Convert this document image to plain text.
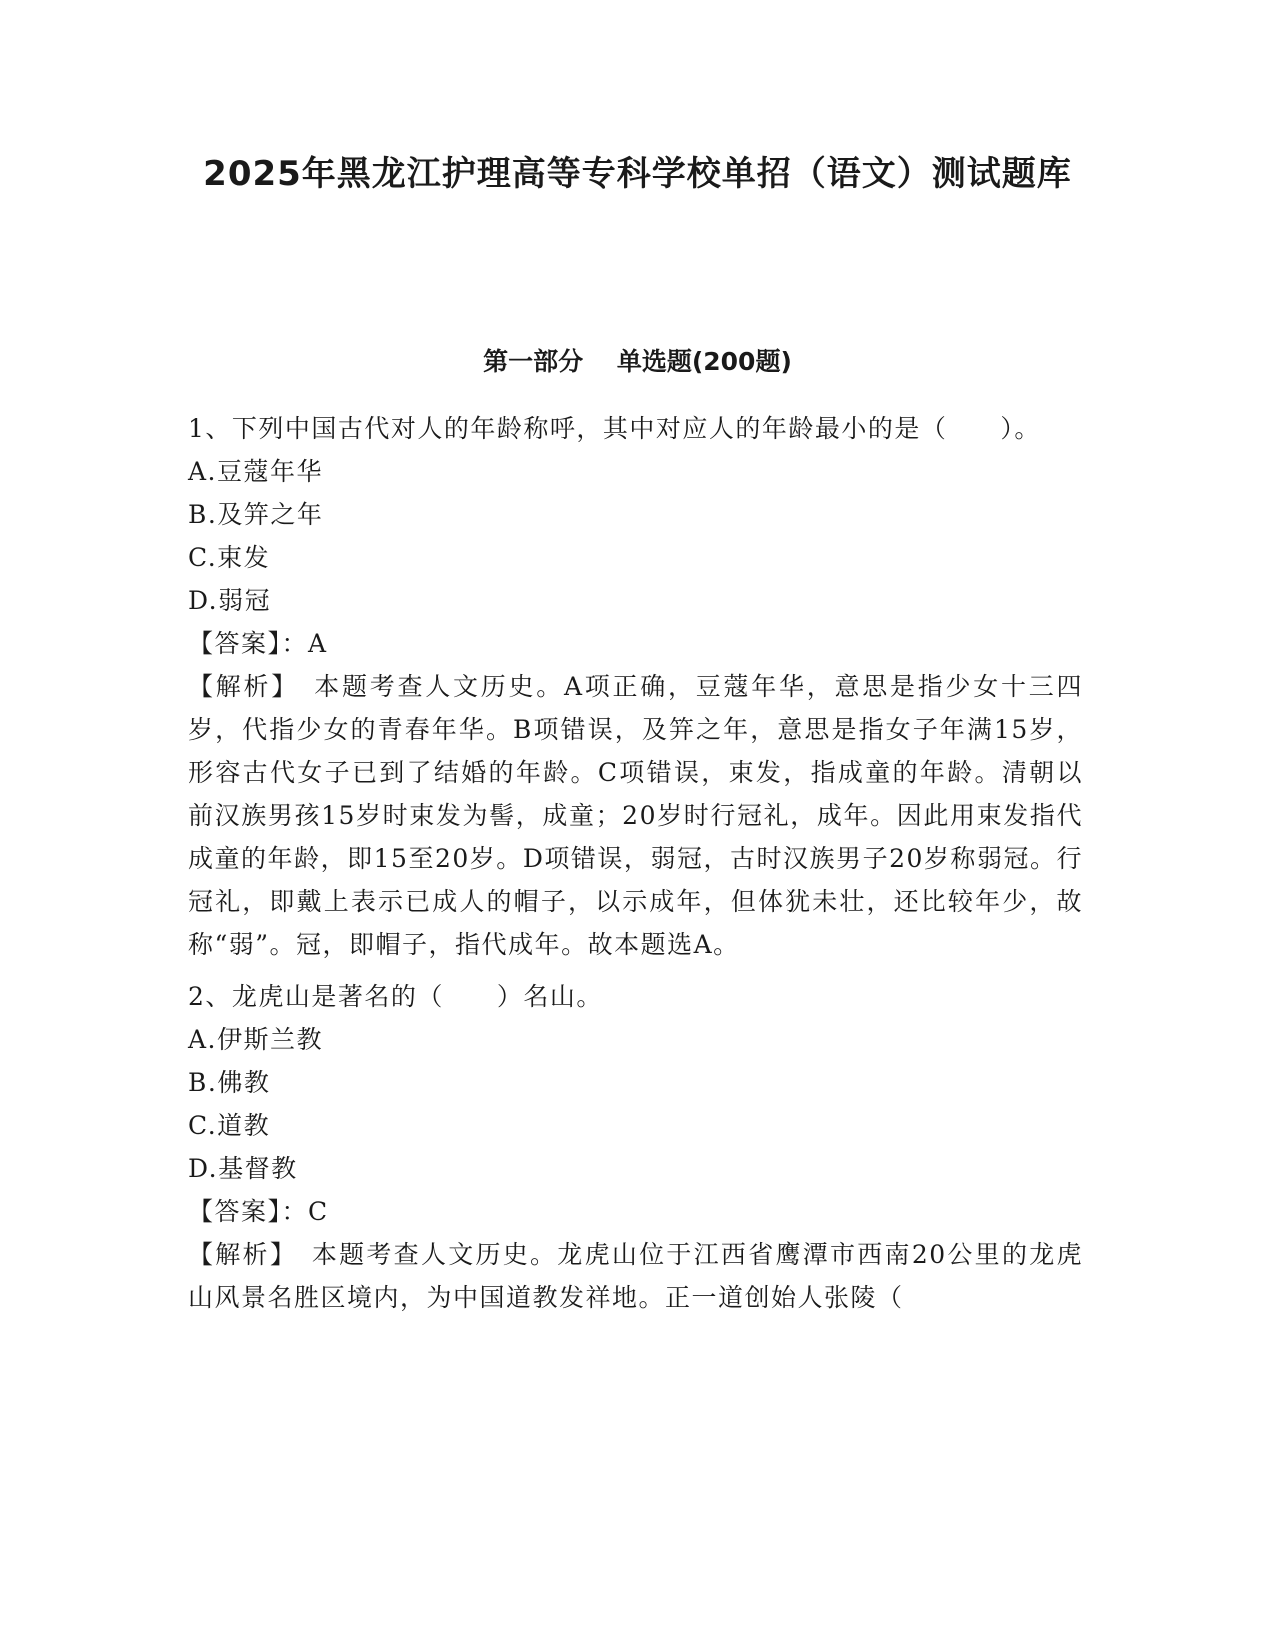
2025年黑龙江护理高等专科学校单招（语文）测试题库
第一部分　 单选题(200题)

1、下列中国古代对人的年龄称呼，其中对应人的年龄最小的是（　　）。

A.豆蔻年华

B.及笄之年

C.束发

D.弱冠

【答案】：A

【解析】　本题考查人文历史。A项正确，豆蔻年华，意思是指少女十三四岁，代指少女的青春年华。B项错误，及笄之年，意思是指女子年满15岁，形容古代女子已到了结婚的年龄。C项错误，束发，指成童的年龄。清朝以前汉族男孩15岁时束发为髻，成童；20岁时行冠礼，成年。因此用束发指代成童的年龄，即15至20岁。D项错误，弱冠，古时汉族男子20岁称弱冠。行冠礼，即戴上表示已成人的帽子，以示成年，但体犹未壮，还比较年少，故称“弱”。冠，即帽子，指代成年。故本题选A。

2、龙虎山是著名的（　　）名山。

A.伊斯兰教

B.佛教

C.道教

D.基督教

【答案】：C

【解析】　本题考查人文历史。龙虎山位于江西省鹰潭市西南20公里的龙虎山风景名胜区境内，为中国道教发祥地。正一道创始人张陵（
